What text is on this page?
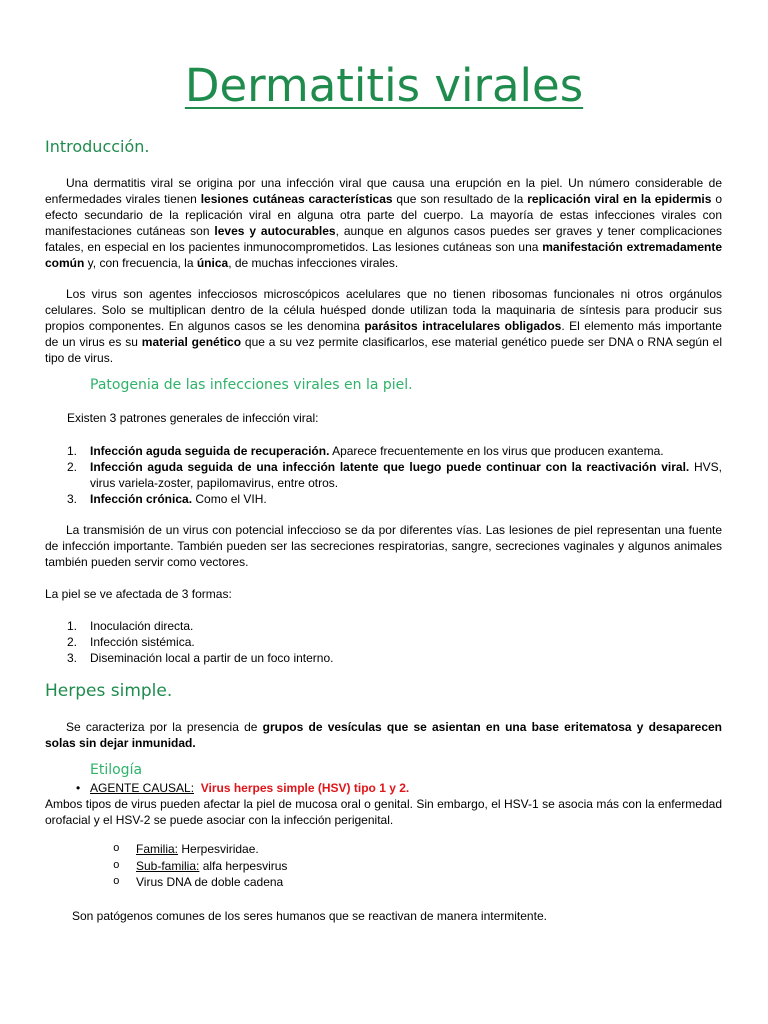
Dermatitis virales
Introducción.

Una dermatitis viral se origina por una infección viral que causa una erupción en la piel. Un número considerable de enfermedades virales tienen lesiones cutáneas características que son resultado de la replicación viral en la epidermis o efecto secundario de la replicación viral en alguna otra parte del cuerpo. La mayoría de estas infecciones virales con manifestaciones cutáneas son leves y autocurables, aunque en algunos casos puedes ser graves y tener complicaciones fatales, en especial en los pacientes inmunocomprometidos. Las lesiones cutáneas son una manifestación extremadamente común y, con frecuencia, la única, de muchas infecciones virales.

Los virus son agentes infecciosos microscópicos acelulares que no tienen ribosomas funcionales ni otros orgánulos celulares. Solo se multiplican dentro de la célula huésped donde utilizan toda la maquinaria de síntesis para producir sus propios componentes. En algunos casos se les denomina parásitos intracelulares obligados. El elemento más importante de un virus es su material genético que a su vez permite clasificarlos, ese material genético puede ser DNA o RNA según el tipo de virus.

Patogenia de las infecciones virales en la piel.

Existen 3 patrones generales de infección viral:

1. Infección aguda seguida de recuperación. Aparece frecuentemente en los virus que producen exantema.
2. Infección aguda seguida de una infección latente que luego puede continuar con la reactivación viral. HVS, virus variela-zoster, papilomavirus, entre otros.
3. Infección crónica. Como el VIH.

La transmisión de un virus con potencial infeccioso se da por diferentes vías. Las lesiones de piel representan una fuente de infección importante. También pueden ser las secreciones respiratorias, sangre, secreciones vaginales y algunos animales también pueden servir como vectores.

La piel se ve afectada de 3 formas:

1. Inoculación directa.
2. Infección sistémica.
3. Diseminación local a partir de un foco interno.
Herpes simple.

Se caracteriza por la presencia de grupos de vesículas que se asientan en una base eritematosa y desaparecen solas sin dejar inmunidad.

Etilogía
• AGENTE CAUSAL: Virus herpes simple (HSV) tipo 1 y 2.

Ambos tipos de virus pueden afectar la piel de mucosa oral o genital. Sin embargo, el HSV-1 se asocia más con la enfermedad orofacial y el HSV-2 se puede asociar con la infección perigenital.

o Familia: Herpesviridae.
o Sub-familia: alfa herpesvirus
o Virus DNA de doble cadena

Son patógenos comunes de los seres humanos que se reactivan de manera intermitente.
